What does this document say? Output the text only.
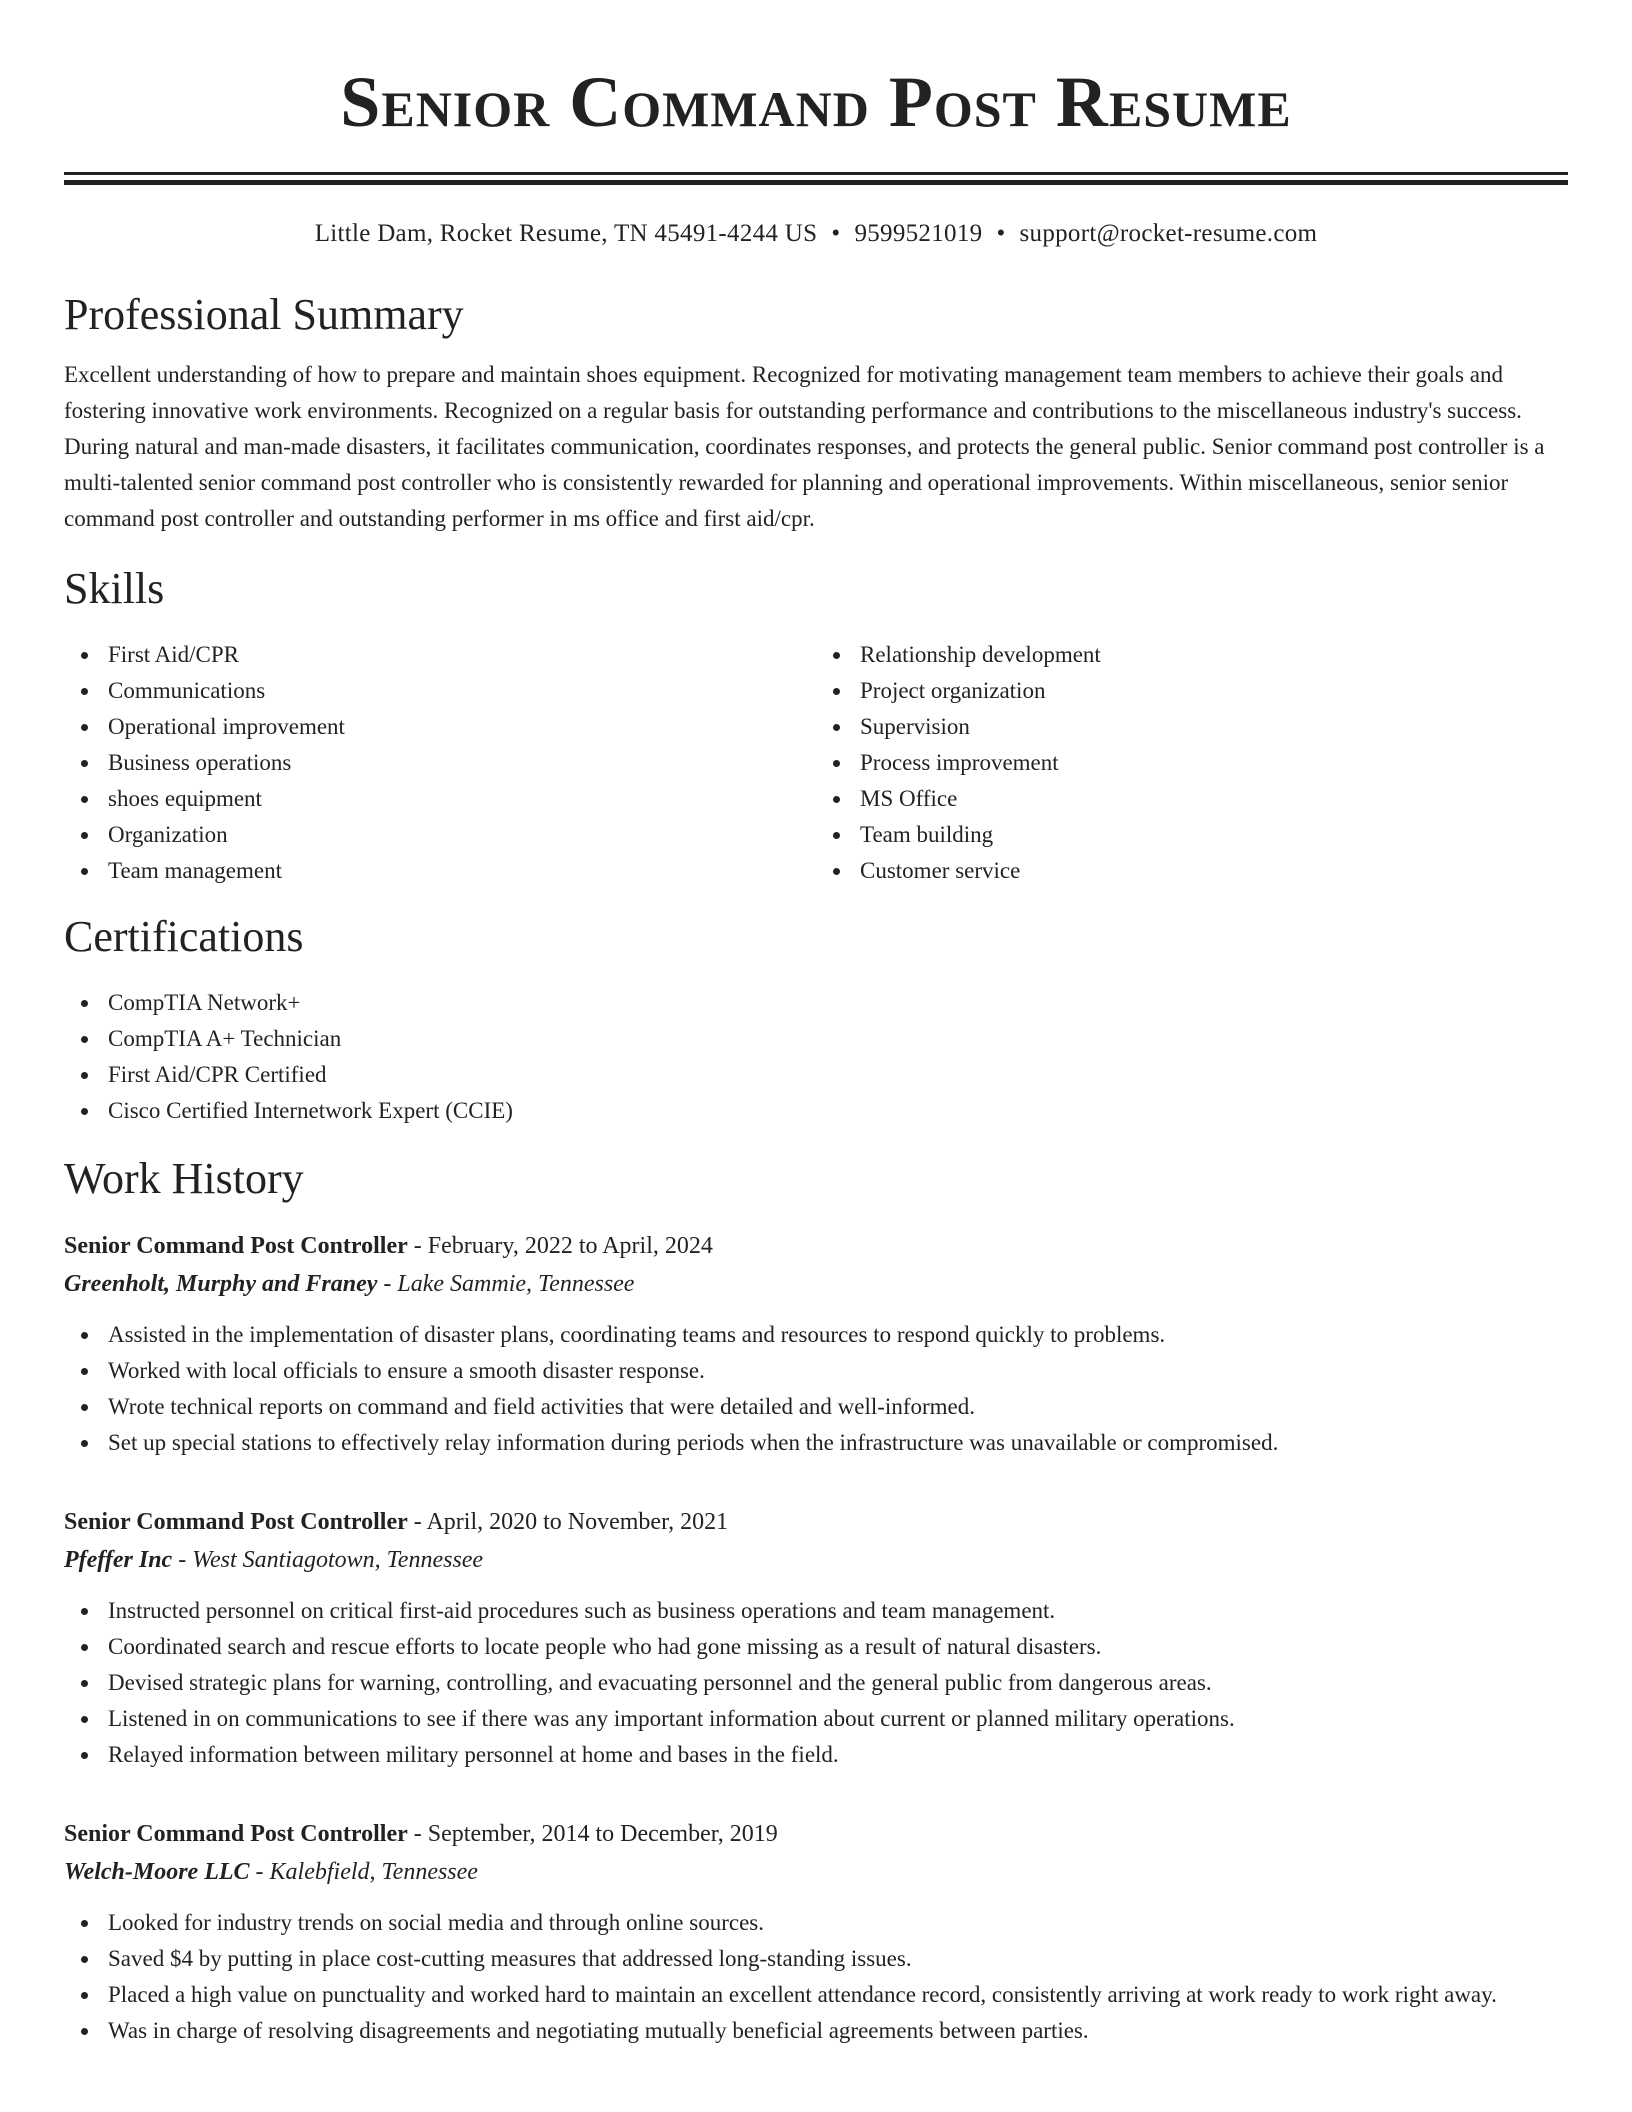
Senior Command Post Resume
Little Dam, Rocket Resume, TN 45491-4244 US • 9599521019 • support@rocket-resume.com
Professional Summary

Excellent understanding of how to prepare and maintain shoes equipment. Recognized for motivating management team members to achieve their goals and fostering innovative work environments. Recognized on a regular basis for outstanding performance and contributions to the miscellaneous industry's success. During natural and man-made disasters, it facilitates communication, coordinates responses, and protects the general public. Senior command post controller is a multi-talented senior command post controller who is consistently rewarded for planning and operational improvements. Within miscellaneous, senior senior command post controller and outstanding performer in ms office and first aid/cpr.

Skills
First Aid/CPR
Communications
Operational improvement
Business operations
shoes equipment
Organization
Team management
Relationship development
Project organization
Supervision
Process improvement
MS Office
Team building
Customer service
Certifications
CompTIA Network+
CompTIA A+ Technician
First Aid/CPR Certified
Cisco Certified Internetwork Expert (CCIE)
Work History
Senior Command Post Controller - February, 2022 to April, 2024
Greenholt, Murphy and Franey - Lake Sammie, Tennessee
Assisted in the implementation of disaster plans, coordinating teams and resources to respond quickly to problems.
Worked with local officials to ensure a smooth disaster response.
Wrote technical reports on command and field activities that were detailed and well-informed.
Set up special stations to effectively relay information during periods when the infrastructure was unavailable or compromised.
Senior Command Post Controller - April, 2020 to November, 2021
Pfeffer Inc - West Santiagotown, Tennessee
Instructed personnel on critical first-aid procedures such as business operations and team management.
Coordinated search and rescue efforts to locate people who had gone missing as a result of natural disasters.
Devised strategic plans for warning, controlling, and evacuating personnel and the general public from dangerous areas.
Listened in on communications to see if there was any important information about current or planned military operations.
Relayed information between military personnel at home and bases in the field.
Senior Command Post Controller - September, 2014 to December, 2019
Welch-Moore LLC - Kalebfield, Tennessee
Looked for industry trends on social media and through online sources.
Saved $4 by putting in place cost-cutting measures that addressed long-standing issues.
Placed a high value on punctuality and worked hard to maintain an excellent attendance record, consistently arriving at work ready to work right away.
Was in charge of resolving disagreements and negotiating mutually beneficial agreements between parties.
